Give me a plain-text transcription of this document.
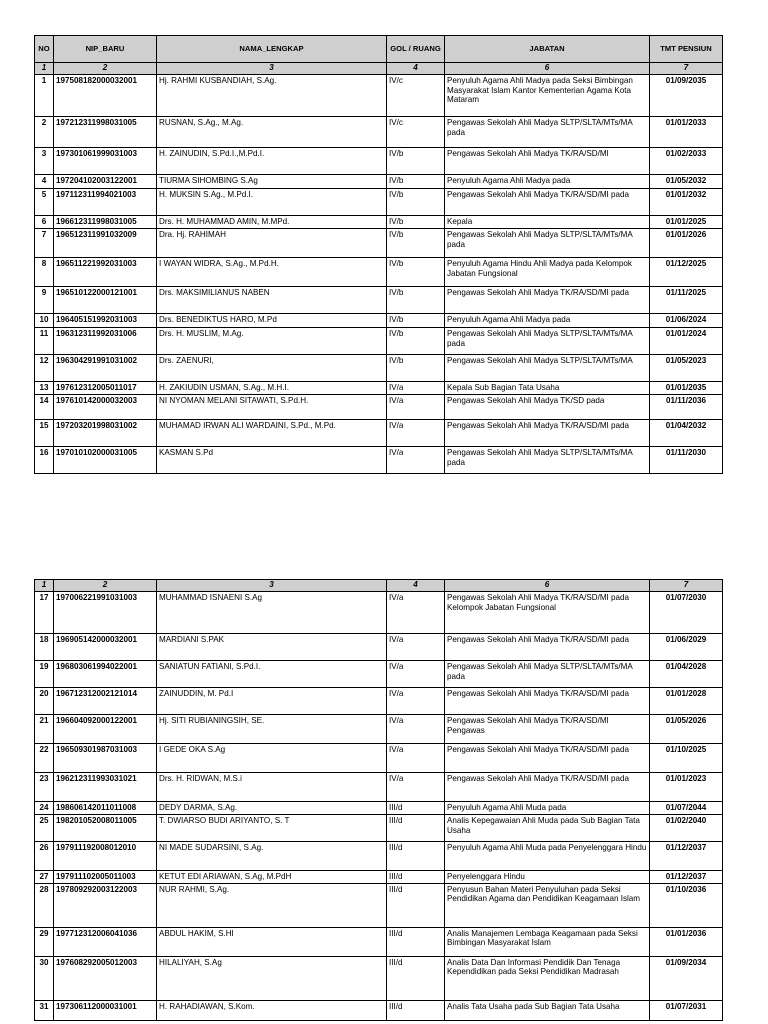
NO	NIP_BARU	NAMA_LENGKAP	GOL / RUANG	JABATAN	TMT PENSIUN
1	2	3	4	6	7
1	197508182000032001	Hj. RAHMI KUSBANDIAH, S.Ag.	IV/c	Penyuluh Agama Ahli Madya pada Seksi Bimbingan Masyarakat Islam Kantor Kementerian Agama Kota Mataram	01/09/2035
2	197212311998031005	RUSNAN, S.Ag., M.Ag.	IV/c	Pengawas Sekolah Ahli Madya SLTP/SLTA/MTs/MA pada	01/01/2033
3	197301061999031003	H. ZAINUDIN, S.Pd.I.,M.Pd.I.	IV/b	Pengawas Sekolah Ahli Madya TK/RA/SD/MI	01/02/2033
4	197204102003122001	TIURMA SIHOMBING S.Ag	IV/b	Penyuluh Agama Ahli Madya pada	01/05/2032
5	197112311994021003	H. MUKSIN S.Ag., M.Pd.I.	IV/b	Pengawas Sekolah Ahli Madya TK/RA/SD/MI pada	01/01/2032
6	196612311998031005	Drs. H. MUHAMMAD AMIN, M.MPd.	IV/b	Kepala	01/01/2025
7	196512311991032009	Dra. Hj. RAHIMAH	IV/b	Pengawas Sekolah Ahli Madya SLTP/SLTA/MTs/MA pada	01/01/2026
8	196511221992031003	I WAYAN WIDRA, S.Ag., M.Pd.H.	IV/b	Penyuluh Agama Hindu Ahli Madya pada Kelompok Jabatan Fungsional	01/12/2025
9	196510122000121001	Drs. MAKSIMILIANUS NABEN	IV/b	Pengawas Sekolah Ahli Madya TK/RA/SD/MI pada	01/11/2025
10	196405151992031003	Drs. BENEDIKTUS HARO, M.Pd	IV/b	Penyuluh Agama Ahli Madya pada	01/06/2024
11	196312311992031006	Drs. H. MUSLIM, M.Ag.	IV/b	Pengawas Sekolah Ahli Madya SLTP/SLTA/MTs/MA pada	01/01/2024
12	196304291991031002	Drs. ZAENURI,	IV/b	Pengawas Sekolah Ahli Madya SLTP/SLTA/MTs/MA	01/05/2023
13	197612312005011017	H. ZAKIUDIN USMAN, S.Ag., M.H.I.	IV/a	Kepala Sub Bagian Tata Usaha	01/01/2035
14	197610142000032003	NI NYOMAN MELANI SITAWATI, S.Pd.H.	IV/a	Pengawas Sekolah Ahli Madya TK/SD pada	01/11/2036
15	197203201998031002	MUHAMAD IRWAN ALI WARDAINI, S.Pd., M.Pd.	IV/a	Pengawas Sekolah Ahli Madya TK/RA/SD/MI pada	01/04/2032
16	197010102000031005	KASMAN S.Pd	IV/a	Pengawas Sekolah Ahli Madya SLTP/SLTA/MTs/MA pada	01/11/2030
1	2	3	4	6	7
17	197006221991031003	MUHAMMAD ISNAENI S.Ag	IV/a	Pengawas Sekolah Ahli Madya TK/RA/SD/MI pada Kelompok Jabatan Fungsional	01/07/2030
18	196905142000032001	MARDIANI S.PAK	IV/a	Pengawas Sekolah Ahli Madya TK/RA/SD/MI pada	01/06/2029
19	196803061994022001	SANIATUN FATIANI, S.Pd.I.	IV/a	Pengawas Sekolah Ahli Madya SLTP/SLTA/MTs/MA pada	01/04/2028
20	196712312002121014	ZAINUDDIN, M. Pd.I	IV/a	Pengawas Sekolah Ahli Madya TK/RA/SD/MI pada	01/01/2028
21	196604092000122001	Hj. SITI RUBIANINGSIH, SE.	IV/a	Pengawas Sekolah Ahli Madya TK/RA/SD/MI Pengawas	01/05/2026
22	196509301987031003	I GEDE OKA S.Ag	IV/a	Pengawas Sekolah Ahli Madya TK/RA/SD/MI pada	01/10/2025
23	196212311993031021	Drs. H. RIDWAN, M.S.i	IV/a	Pengawas Sekolah Ahli Madya TK/RA/SD/MI pada	01/01/2023
24	198606142011011008	DEDY DARMA, S.Ag.	III/d	Penyuluh Agama Ahli Muda pada	01/07/2044
25	198201052008011005	T. DWIARSO BUDI ARIYANTO, S. T	III/d	Analis Kepegawaian Ahli Muda pada Sub Bagian Tata Usaha	01/02/2040
26	197911192008012010	NI MADE SUDARSINI, S.Ag.	III/d	Penyuluh Agama Ahli Muda pada Penyelenggara Hindu	01/12/2037
27	197911102005011003	KETUT EDI ARIAWAN, S.Ag, M.PdH	III/d	Penyelenggara Hindu	01/12/2037
28	197809292003122003	NUR RAHMI, S.Ag.	III/d	Penyusun Bahan Materi Penyuluhan pada Seksi Pendidikan Agama dan Pendidikan Keagamaan Islam	01/10/2036
29	197712312006041036	ABDUL HAKIM, S.HI	III/d	Analis Manajemen Lembaga Keagamaan pada Seksi Bimbingan Masyarakat Islam	01/01/2036
30	197608292005012003	HILALIYAH, S.Ag	III/d	Analis Data Dan Informasi Pendidik Dan Tenaga Kependidikan pada Seksi Pendidikan Madrasah	01/09/2034
31	197306112000031001	H. RAHADIAWAN, S.Kom.	III/d	Analis Tata Usaha pada Sub Bagian Tata Usaha	01/07/2031
